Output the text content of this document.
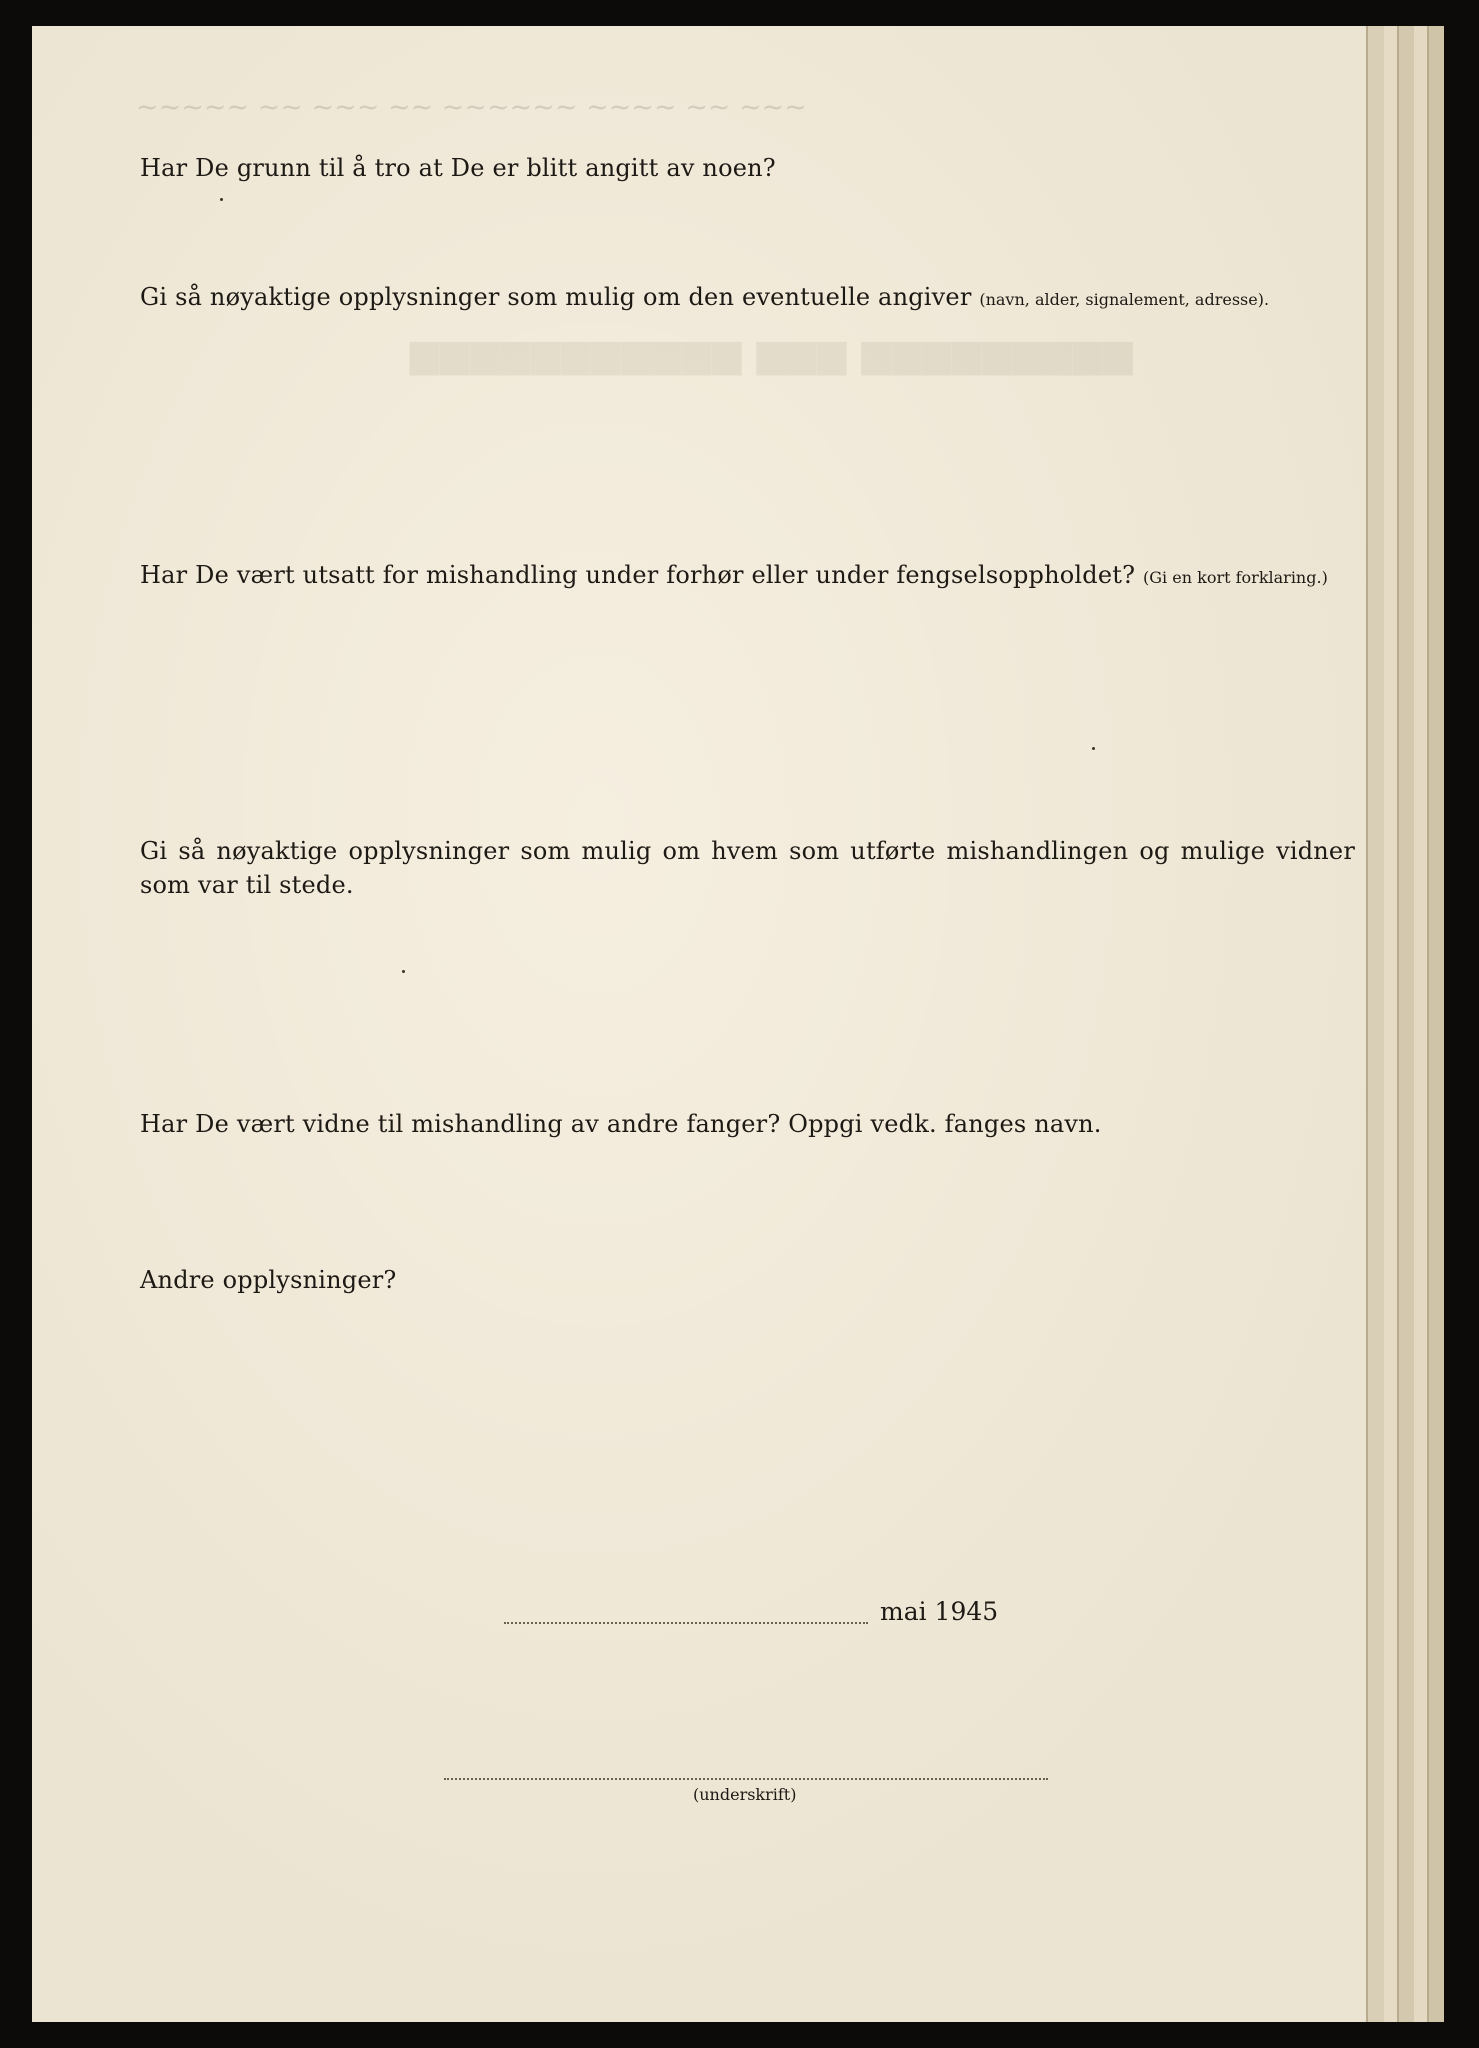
~~~~~ ~~ ~~~ ~~ ~~~~~~ ~~~~ ~~ ~~~
▆▆▆▆▆▆▆▆▆▆▆ ▆▆▆ ▆▆▆▆▆▆▆▆▆
Har De grunn til å tro at De er blitt angitt av noen?
Gi så nøyaktige opplysninger som mulig om den eventuelle angiver (navn, alder, signalement, adresse).
Har De vært utsatt for mishandling under forhør eller under fengselsoppholdet? (Gi en kort forklaring.)
Gi så nøyaktige opplysninger som mulig om hvem som utførte mishandlingen og mulige vidner som var til stede.
Har De vært vidne til mishandling av andre fanger? Oppgi vedk. fanges navn.
Andre opplysninger?
mai 1945
(underskrift)
